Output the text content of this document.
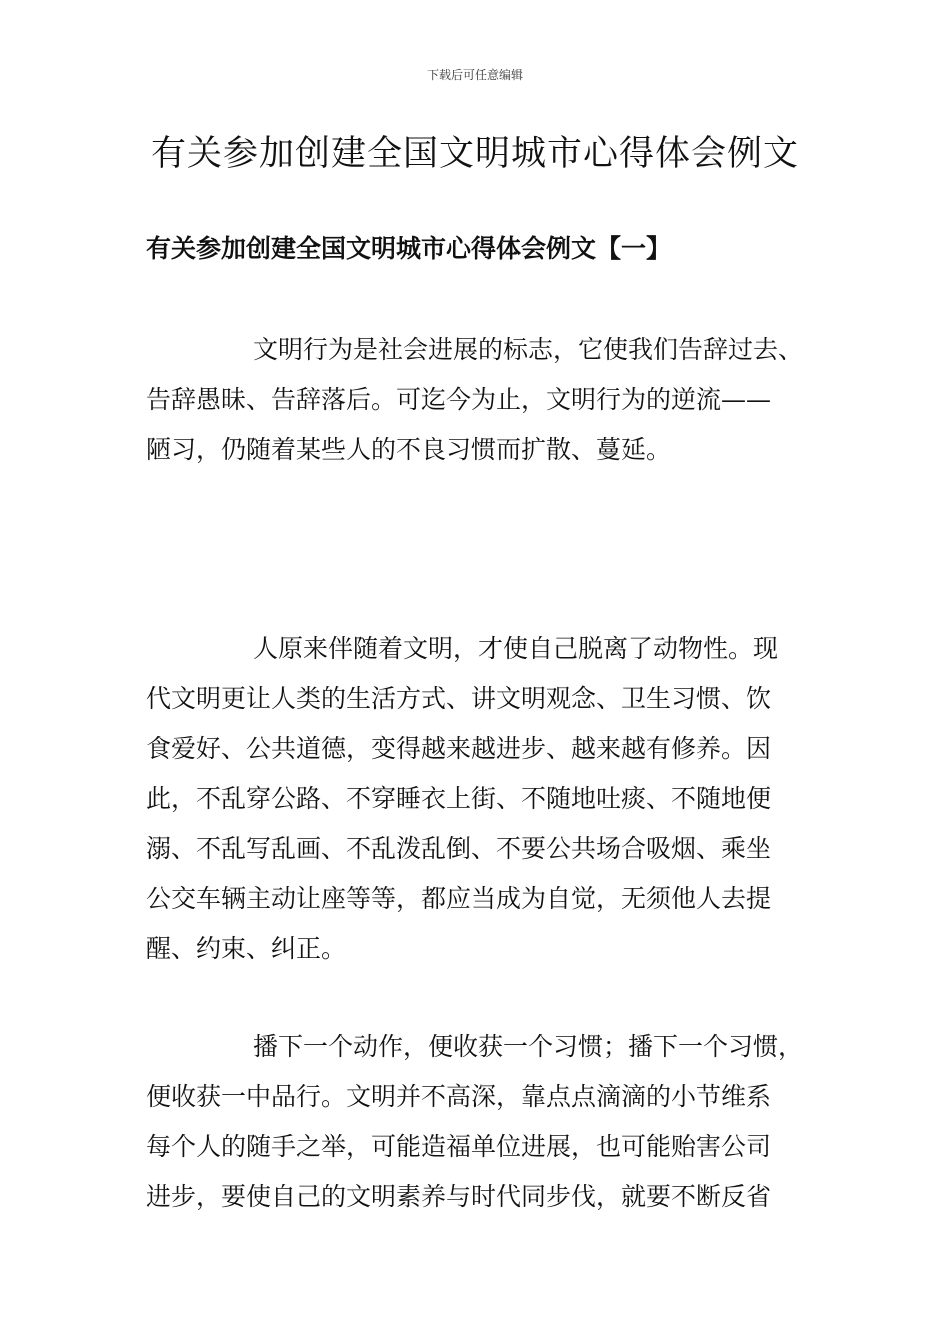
下载后可任意编辑
有关参加创建全国文明城市心得体会例文
有关参加创建全国文明城市心得体会例文【一】
文明行为是社会进展的标志，它使我们告辞过去、
告辞愚昧、告辞落后。可迄今为止，文明行为的逆流——
陋习，仍随着某些人的不良习惯而扩散、蔓延。
人原来伴随着文明，才使自己脱离了动物性。现
代文明更让人类的生活方式、讲文明观念、卫生习惯、饮
食爱好、公共道德，变得越来越进步、越来越有修养。因
此，不乱穿公路、不穿睡衣上街、不随地吐痰、不随地便
溺、不乱写乱画、不乱泼乱倒、不要公共场合吸烟、乘坐
公交车辆主动让座等等，都应当成为自觉，无须他人去提
醒、约束、纠正。
播下一个动作，便收获一个习惯；播下一个习惯，
便收获一中品行。文明并不高深，靠点点滴滴的小节维系
每个人的随手之举，可能造福单位进展，也可能贻害公司
进步，要使自己的文明素养与时代同步伐，就要不断反省
